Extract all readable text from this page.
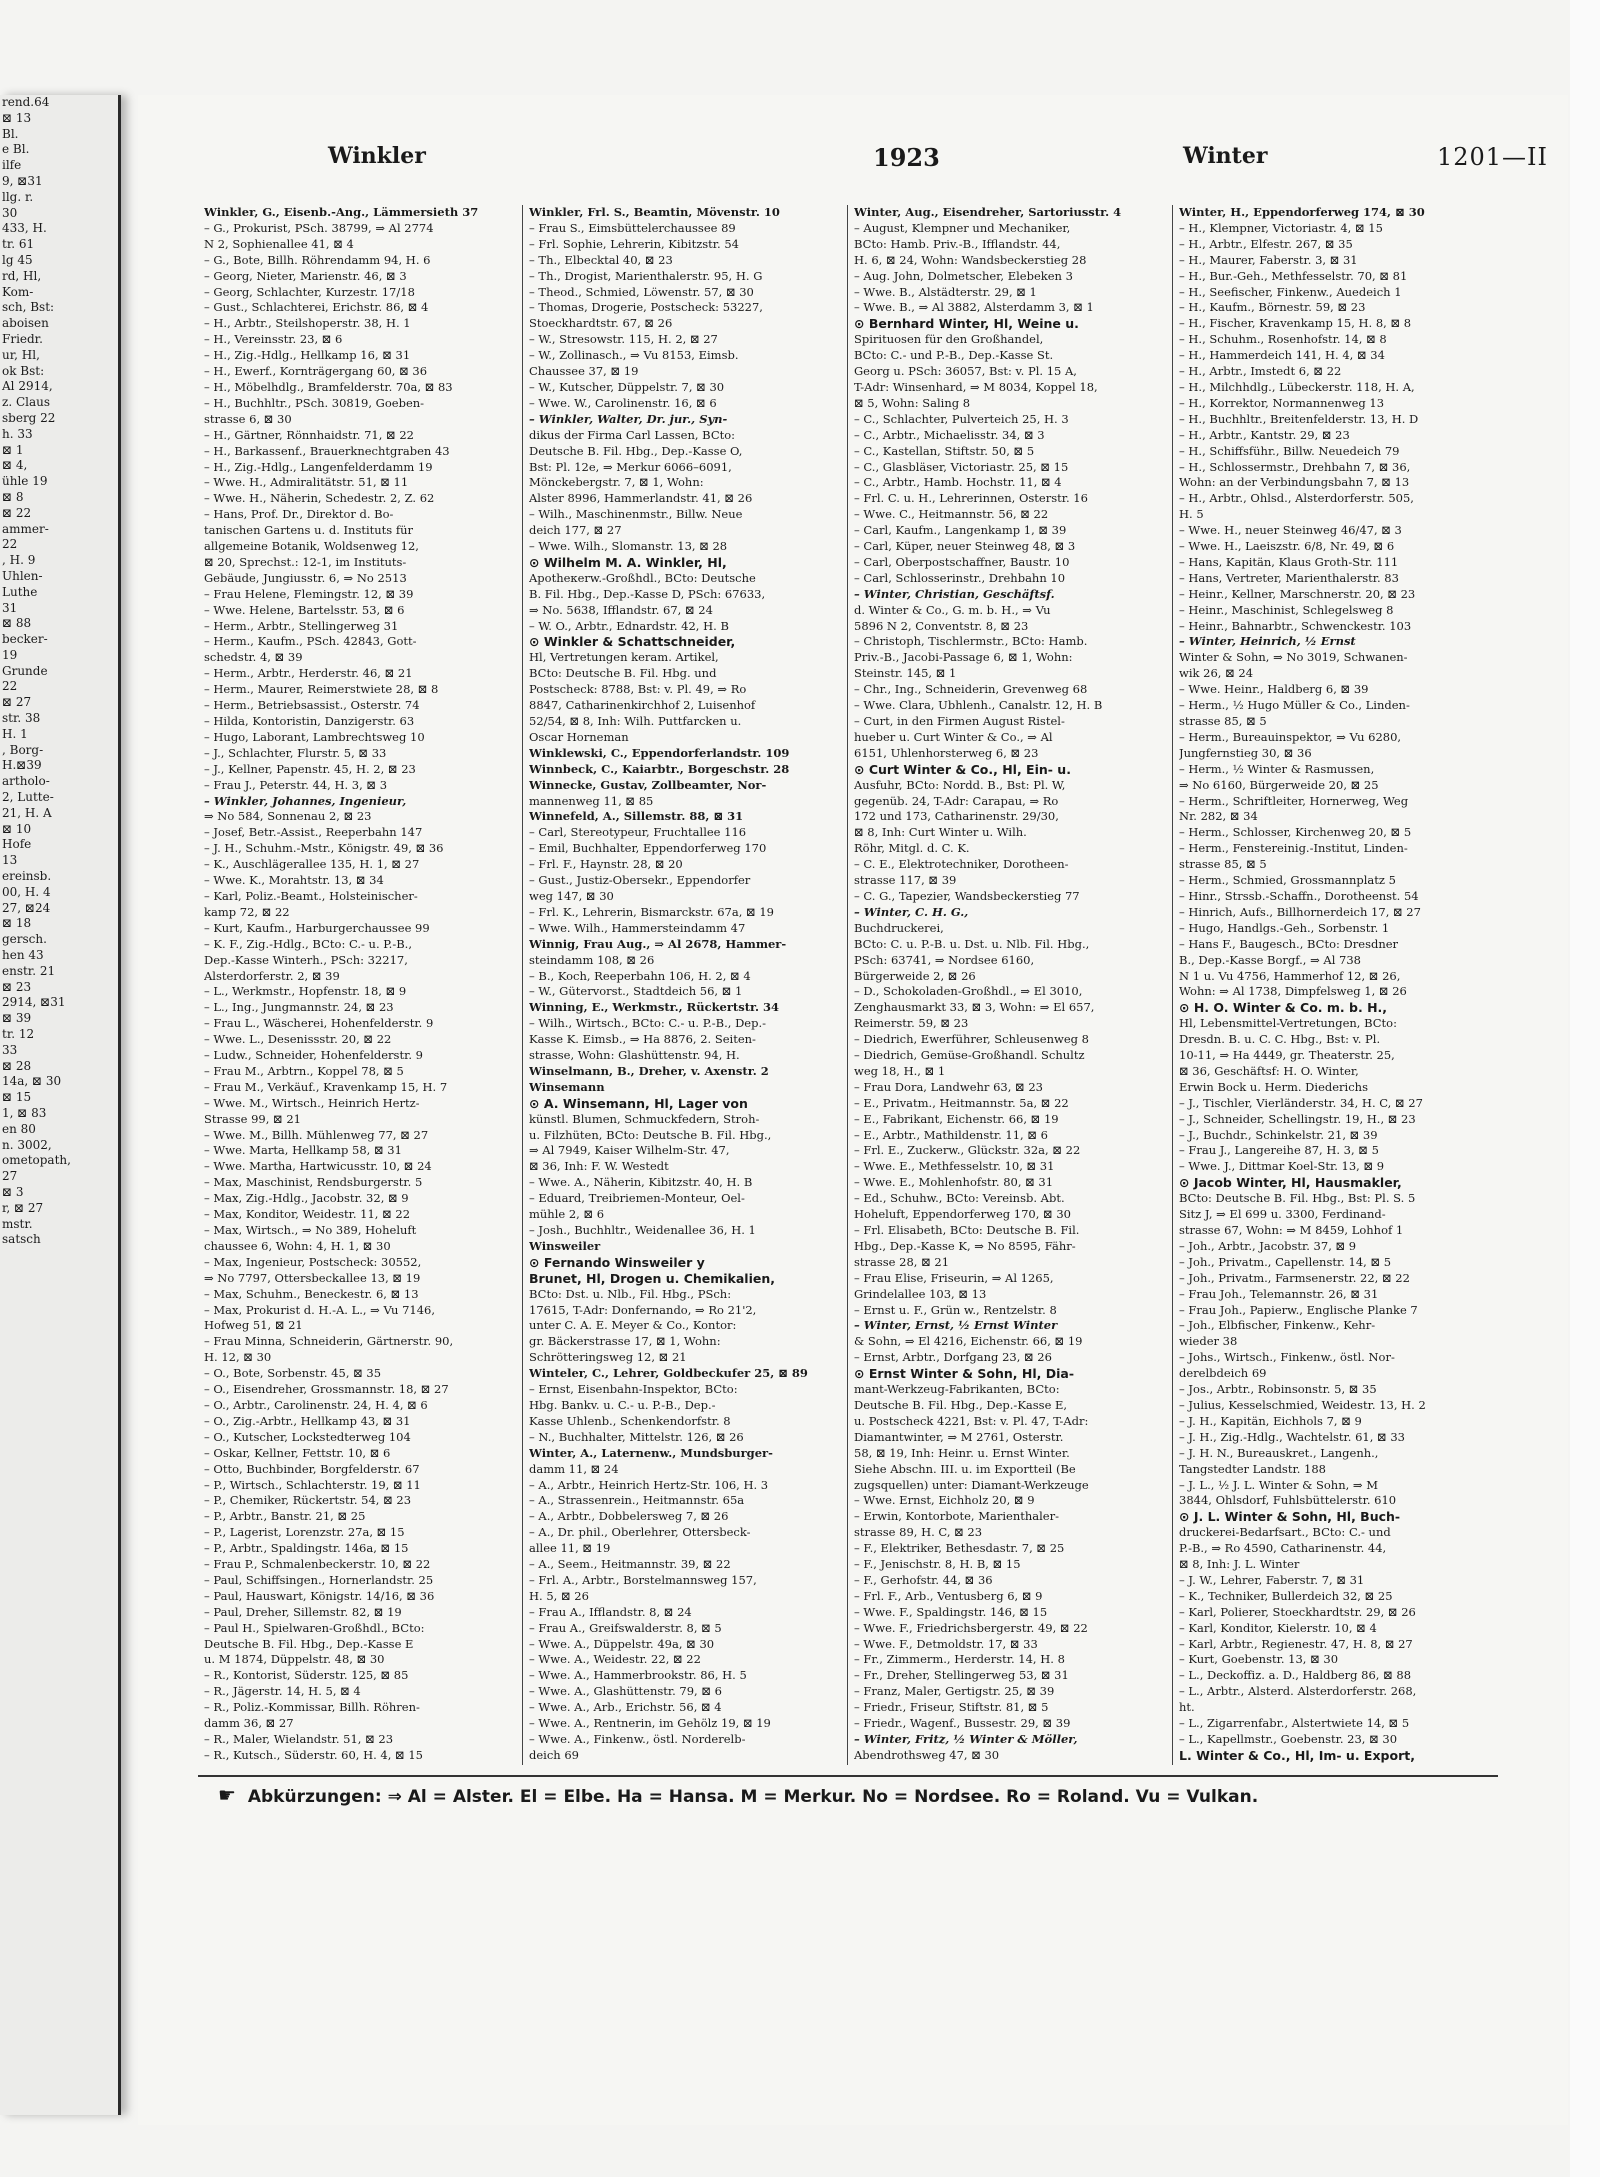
rend.64
⊠ 13
Bl.
e Bl.
ilfe
9, ⊠31
llg. r.
30
433, H.
tr. 61
lg 45
rd, Hl,
Kom-
sch, Bst:
aboisen
Friedr.
ur, Hl,
ok Bst:
Al 2914,
z. Claus
sberg 22
h. 33
⊠ 1
⊠ 4,
ühle 19
⊠ 8
⊠ 22
ammer-
22
, H. 9
Uhlen-
Luthe
31
⊠ 88
becker-
19
Grunde
22
⊠ 27
str. 38
H. 1
, Borg-
H.⊠39
artholo-
2, Lutte-
21, H. A
⊠ 10
Hofe
13
ereinsb.
00, H. 4
27, ⊠24
⊠ 18
gersch.
hen 43
enstr. 21
⊠ 23
2914, ⊠31
⊠ 39
tr. 12
33
⊠ 28
14a, ⊠ 30
⊠ 15
1, ⊠ 83
en 80
n. 3002,
ometopath,
27
⊠ 3
r, ⊠ 27
mstr.
satsch
Winkler	1923	Winter	1201—II
Winkler, G., Eisenb.-Ang., Lämmersieth 37
– G., Prokurist, PSch. 38799, ⇒ Al 2774
N 2, Sophienallee 41, ⊠ 4
– G., Bote, Billh. Röhrendamm 94, H. 6
– Georg, Nieter, Marienstr. 46, ⊠ 3
– Georg, Schlachter, Kurzestr. 17/18
– Gust., Schlachterei, Erichstr. 86, ⊠ 4
– H., Arbtr., Steilshoperstr. 38, H. 1
– H., Vereinsstr. 23, ⊠ 6
– H., Zig.-Hdlg., Hellkamp 16, ⊠ 31
– H., Ewerf., Kornträgergang 60, ⊠ 36
– H., Möbelhdlg., Bramfelderstr. 70a, ⊠ 83
– H., Buchhltr., PSch. 30819, Goeben-
strasse 6, ⊠ 30
– H., Gärtner, Rönnhaidstr. 71, ⊠ 22
– H., Barkassenf., Brauerknechtgraben 43
– H., Zig.-Hdlg., Langenfelderdamm 19
– Wwe. H., Admiralitätstr. 51, ⊠ 11
– Wwe. H., Näherin, Schedestr. 2, Z. 62
– Hans, Prof. Dr., Direktor d. Bo-
tanischen Gartens u. d. Instituts für
allgemeine Botanik, Woldsenweg 12,
⊠ 20, Sprechst.: 12-1, im Instituts-
Gebäude, Jungiusstr. 6, ⇒ No 2513
– Frau Helene, Flemingstr. 12, ⊠ 39
– Wwe. Helene, Bartelsstr. 53, ⊠ 6
– Herm., Arbtr., Stellingerweg 31
– Herm., Kaufm., PSch. 42843, Gott-
schedstr. 4, ⊠ 39
– Herm., Arbtr., Herderstr. 46, ⊠ 21
– Herm., Maurer, Reimerstwiete 28, ⊠ 8
– Herm., Betriebsassist., Osterstr. 74
– Hilda, Kontoristin, Danzigerstr. 63
– Hugo, Laborant, Lambrechtsweg 10
– J., Schlachter, Flurstr. 5, ⊠ 33
– J., Kellner, Papenstr. 45, H. 2, ⊠ 23
– Frau J., Peterstr. 44, H. 3, ⊠ 3
– Winkler, Johannes, Ingenieur,
⇒ No 584, Sonnenau 2, ⊠ 23
– Josef, Betr.-Assist., Reeperbahn 147
– J. H., Schuhm.-Mstr., Königstr. 49, ⊠ 36
– K., Auschlägeralleе 135, H. 1, ⊠ 27
– Wwe. K., Morahtstr. 13, ⊠ 34
– Karl, Poliz.-Beamt., Holsteinischer-
kamp 72, ⊠ 22
– Kurt, Kaufm., Harburgerchaussee 99
– K. F., Zig.-Hdlg., BCto: C.- u. P.-B.,
Dep.-Kasse Winterh., PSch: 32217,
Alsterdorferstr. 2, ⊠ 39
– L., Werkmstr., Hopfenstr. 18, ⊠ 9
– L., Ing., Jungmannstr. 24, ⊠ 23
– Frau L., Wäscherei, Hohenfelderstr. 9
– Wwe. L., Desenissstr. 20, ⊠ 22
– Ludw., Schneider, Hohenfelderstr. 9
– Frau M., Arbtrn., Koppel 78, ⊠ 5
– Frau M., Verkäuf., Kravenkamp 15, H. 7
– Wwe. M., Wirtsch., Heinrich Hertz-
Strasse 99, ⊠ 21
– Wwe. M., Billh. Mühlenweg 77, ⊠ 27
– Wwe. Marta, Hellkamp 58, ⊠ 31
– Wwe. Martha, Hartwicusstr. 10, ⊠ 24
– Max, Maschinist, Rendsburgerstr. 5
– Max, Zig.-Hdlg., Jacobstr. 32, ⊠ 9
– Max, Konditor, Weidestr. 11, ⊠ 22
– Max, Wirtsch., ⇒ No 389, Hoheluft
chaussee 6, Wohn: 4, H. 1, ⊠ 30
– Max, Ingenieur, Postscheck: 30552,
⇒ No 7797, Ottersbeckallee 13, ⊠ 19
– Max, Schuhm., Beneckestr. 6, ⊠ 13
– Max, Prokurist d. H.-A. L., ⇒ Vu 7146,
Hofweg 51, ⊠ 21
– Frau Minna, Schneiderin, Gärtnerstr. 90,
H. 12, ⊠ 30
– O., Bote, Sorbenstr. 45, ⊠ 35
– O., Eisendreher, Grossmannstr. 18, ⊠ 27
– O., Arbtr., Carolinenstr. 24, H. 4, ⊠ 6
– O., Zig.-Arbtr., Hellkamp 43, ⊠ 31
– O., Kutscher, Lockstedterweg 104
– Oskar, Kellner, Fettstr. 10, ⊠ 6
– Otto, Buchbinder, Borgfelderstr. 67
– P., Wirtsch., Schlachterstr. 19, ⊠ 11
– P., Chemiker, Rückertstr. 54, ⊠ 23
– P., Arbtr., Banstr. 21, ⊠ 25
– P., Lagerist, Lorenzstr. 27a, ⊠ 15
– P., Arbtr., Spaldingstr. 146a, ⊠ 15
– Frau P., Schmalenbeckerstr. 10, ⊠ 22
– Paul, Schiffsingen., Hornerlandstr. 25
– Paul, Hauswart, Königstr. 14/16, ⊠ 36
– Paul, Dreher, Sillemstr. 82, ⊠ 19
– Paul H., Spielwaren-Großhdl., BCto:
Deutsche B. Fil. Hbg., Dep.-Kasse E
u. M 1874, Düppelstr. 48, ⊠ 30
– R., Kontorist, Süderstr. 125, ⊠ 85
– R., Jägerstr. 14, H. 5, ⊠ 4
– R., Poliz.-Kommissar, Billh. Röhren-
damm 36, ⊠ 27
– R., Maler, Wielandstr. 51, ⊠ 23
– R., Kutsch., Süderstr. 60, H. 4, ⊠ 15
Winkler, Frl. S., Beamtin, Mövenstr. 10
– Frau S., Eimsbüttelerchaussee 89
– Frl. Sophie, Lehrerin, Kibitzstr. 54
– Th., Elbecktal 40, ⊠ 23
– Th., Drogist, Marienthalerstr. 95, H. G
– Theod., Schmied, Löwenstr. 57, ⊠ 30
– Thomas, Drogerie, Postscheck: 53227,
Stoeckhardtstr. 67, ⊠ 26
– W., Stresowstr. 115, H. 2, ⊠ 27
– W., Zollinasch., ⇒ Vu 8153, Eimsb.
Chaussee 37, ⊠ 19
– W., Kutscher, Düppelstr. 7, ⊠ 30
– Wwe. W., Carolinenstr. 16, ⊠ 6
– Winkler, Walter, Dr. jur., Syn-
dikus der Firma Carl Lassen, BCto:
Deutsche B. Fil. Hbg., Dep.-Kasse O,
Bst: Pl. 12e, ⇒ Merkur 6066–6091,
Mönckebergstr. 7, ⊠ 1, Wohn:
Alster 8996, Hammerlandstr. 41, ⊠ 26
– Wilh., Maschinenmstr., Billw. Neue
deich 177, ⊠ 27
– Wwe. Wilh., Slomanstr. 13, ⊠ 28
⊙ Wilhelm M. A. Winkler, Hl,
Apotheкerw.-Großhdl., BCto: Deutsche
B. Fil. Hbg., Dep.-Kasse D, PSch: 67633,
⇒ No. 5638, Ifflandstr. 67, ⊠ 24
– W. O., Arbtr., Ednardstr. 42, H. B
⊙ Winkler & Schattschneider,
Hl, Vertretungen keram. Artikel,
BCto: Deutsche B. Fil. Hbg. und
Postscheck: 8788, Bst: v. Pl. 49, ⇒ Ro
8847, Catharinenkirchhof 2, Luisenhof
52/54, ⊠ 8, Inh: Wilh. Puttfarcken u.
Oscar Horneman
Winklewski, C., Eppendorferlandstr. 109
Winnbeck, C., Kaiarbtr., Borgeschstr. 28
Winnecke, Gustav, Zollbeamter, Nor-
mannenweg 11, ⊠ 85
Winnefeld, A., Sillemstr. 88, ⊠ 31
– Carl, Stereotypeur, Fruchtallee 116
– Emil, Buchhalter, Eppendorferweg 170
– Frl. F., Haynstr. 28, ⊠ 20
– Gust., Justiz-Obersekr., Eppendorfer
weg 147, ⊠ 30
– Frl. K., Lehrerin, Bismarckstr. 67a, ⊠ 19
– Wwe. Wilh., Hammersteindamm 47
Winnig, Frau Aug., ⇒ Al 2678, Hammer-
steindamm 108, ⊠ 26
– B., Koch, Reeperbahn 106, H. 2, ⊠ 4
– W., Gütervorst., Stadtdeich 56, ⊠ 1
Winning, E., Werkmstr., Rückertstr. 34
– Wilh., Wirtsch., BCto: C.- u. P.-B., Dep.-
Kasse K. Eimsb., ⇒ Ha 8876, 2. Seiten-
strasse, Wohn: Glashüttenstr. 94, H.
Winselmann, B., Dreher, v. Axenstr. 2
Winsemann
⊙ A. Winsemann, Hl, Lager von
künstl. Blumen, Schmuckfedern, Stroh-
u. Filzhüten, BCto: Deutsche B. Fil. Hbg.,
⇒ Al 7949, Kaiser Wilhelm-Str. 47,
⊠ 36, Inh: F. W. Westedt
– Wwe. A., Näherin, Kibitzstr. 40, H. B
– Eduard, Treibriemen-Monteur, Oel-
mühle 2, ⊠ 6
– Josh., Buchhltr., Weidenallee 36, H. 1
Winsweiler
⊙ Fernando Winsweiler y
Brunet, Hl, Drogen u. Chemikalien,
BCto: Dst. u. Nlb., Fil. Hbg., PSch:
17615, T-Adr: Donfernando, ⇒ Ro 21'2,
unter C. A. E. Meyer & Co., Kontor:
gr. Bäckerstrasse 17, ⊠ 1, Wohn:
Schrötteringsweg 12, ⊠ 21
Winteler, C., Lehrer, Goldbeckufer 25, ⊠ 89
– Ernst, Eisenbahn-Inspektor, BCto:
Hbg. Bankv. u. C.- u. P.-B., Dep.-
Kasse Uhlenb., Schenkendorfstr. 8
– N., Buchhalter, Mittelstr. 126, ⊠ 26
Winter, A., Laternenw., Mundsburger-
damm 11, ⊠ 24
– A., Arbtr., Heinrich Hertz-Str. 106, H. 3
– A., Strassenrein., Heitmannstr. 65a
– A., Arbtr., Dobbelersweg 7, ⊠ 26
– A., Dr. phil., Oberlehrer, Ottersbeck-
allee 11, ⊠ 19
– A., Seem., Heitmannstr. 39, ⊠ 22
– Frl. A., Arbtr., Borstelmannsweg 157,
H. 5, ⊠ 26
– Frau A., Ifflandstr. 8, ⊠ 24
– Frau A., Greifswalderstr. 8, ⊠ 5
– Wwe. A., Düppelstr. 49a, ⊠ 30
– Wwe. A., Weidestr. 22, ⊠ 22
– Wwe. A., Hammerbrookstr. 86, H. 5
– Wwe. A., Glashüttenstr. 79, ⊠ 6
– Wwe. A., Arb., Erichstr. 56, ⊠ 4
– Wwe. A., Rentnerin, im Gehölz 19, ⊠ 19
– Wwe. A., Finkenw., östl. Norderelb-
deich 69
Winter, Aug., Eisendreher, Sartoriusstr. 4
– August, Klempner und Mechaniker,
BCto: Hamb. Priv.-B., Ifflandstr. 44,
H. 6, ⊠ 24, Wohn: Wandsbeckerstieg 28
– Aug. John, Dolmetscher, Elebeken 3
– Wwe. B., Alstädterstr. 29, ⊠ 1
– Wwe. B., ⇒ Al 3882, Alsterdamm 3, ⊠ 1
⊙ Bernhard Winter, Hl, Weine u.
Spirituosen für den Großhandel,
BCto: C.- und P.-B., Dep.-Kasse St.
Georg u. PSch: 36057, Bst: v. Pl. 15 A,
T-Adr: Winsenhard, ⇒ M 8034, Koppel 18,
⊠ 5, Wohn: Saling 8
– C., Schlachter, Pulverteich 25, H. 3
– C., Arbtr., Michaelisstr. 34, ⊠ 3
– C., Kastellan, Stiftstr. 50, ⊠ 5
– C., Glasbläser, Victoriastr. 25, ⊠ 15
– C., Arbtr., Hamb. Hochstr. 11, ⊠ 4
– Frl. C. u. H., Lehrerinnen, Osterstr. 16
– Wwe. C., Heitmannstr. 56, ⊠ 22
– Carl, Kaufm., Langenkamp 1, ⊠ 39
– Carl, Küper, neuer Steinweg 48, ⊠ 3
– Carl, Oberpostschaffner, Baustr. 10
– Carl, Schlosserinstr., Drehbahn 10
– Winter, Christian, Geschäftsf.
d. Winter & Co., G. m. b. H., ⇒ Vu
5896 N 2, Conventstr. 8, ⊠ 23
– Christoph, Tischlermstr., BCto: Hamb.
Priv.-B., Jacobi-Passage 6, ⊠ 1, Wohn:
Steinstr. 145, ⊠ 1
– Chr., Ing., Schneiderin, Grevenweg 68
– Wwe. Clara, Ubhlenh., Canalstr. 12, H. B
– Curt, in den Firmen August Ristel-
hueber u. Curt Winter & Co., ⇒ Al
6151, Uhlenhorsterweg 6, ⊠ 23
⊙ Curt Winter & Co., Hl, Ein- u.
Ausfuhr, BCto: Nordd. B., Bst: Pl. W,
gegenüb. 24, T-Adr: Carapau, ⇒ Ro
172 und 173, Catharinenstr. 29/30,
⊠ 8, Inh: Curt Winter u. Wilh.
Röhr, Mitgl. d. C. K.
– C. E., Elektrotechniker, Dorotheen-
strasse 117, ⊠ 39
– C. G., Tapezier, Wandsbeckerstieg 77
– Winter, C. H. G.,
Buchdruckerei,
BCto: C. u. P.-B. u. Dst. u. Nlb. Fil. Hbg.,
PSch: 63741, ⇒ Nordsee 6160,
Bürgerweide 2, ⊠ 26
– D., Schokoladen-Großhdl., ⇒ El 3010,
Zenghausmarkt 33, ⊠ 3, Wohn: ⇒ El 657,
Reimerstr. 59, ⊠ 23
– Diedrich, Ewerführer, Schleusenweg 8
– Diedrich, Gemüse-Großhandl. Schultz
weg 18, H., ⊠ 1
– Frau Dora, Landwehr 63, ⊠ 23
– E., Privatm., Heitmannstr. 5a, ⊠ 22
– E., Fabrikant, Eichenstr. 66, ⊠ 19
– E., Arbtr., Mathildenstr. 11, ⊠ 6
– Frl. E., Zuckerw., Glückstr. 32a, ⊠ 22
– Wwe. E., Methfesselstr. 10, ⊠ 31
– Wwe. E., Mohlenhofstr. 80, ⊠ 31
– Ed., Schuhw., BCto: Vereinsb. Abt.
Hoheluft, Eppendorferweg 170, ⊠ 30
– Frl. Elisabeth, BCto: Deutsche B. Fil.
Hbg., Dep.-Kasse K, ⇒ No 8595, Fähr-
strasse 28, ⊠ 21
– Frau Elise, Friseurin, ⇒ Al 1265,
Grindelallee 103, ⊠ 13
– Ernst u. F., Grün w., Rentzelstr. 8
– Winter, Ernst, ½ Ernst Winter
& Sohn, ⇒ El 4216, Eichenstr. 66, ⊠ 19
– Ernst, Arbtr., Dorfgang 23, ⊠ 26
⊙ Ernst Winter & Sohn, Hl, Dia-
mant-Werkzeug-Fabrikanten, BCto:
Deutsche B. Fil. Hbg., Dep.-Kasse E,
u. Postscheck 4221, Bst: v. Pl. 47, T-Adr:
Diamantwinter, ⇒ M 2761, Osterstr.
58, ⊠ 19, Inh: Heinr. u. Ernst Winter.
Siehe Abschn. III. u. im Exportteil (Be
zugsquellen) unter: Diamant-Werkzeuge
– Wwe. Ernst, Eichholz 20, ⊠ 9
– Erwin, Kontorbote, Marienthaler-
strasse 89, H. C, ⊠ 23
– F., Elektriker, Bethesdastr. 7, ⊠ 25
– F., Jenischstr. 8, H. B, ⊠ 15
– F., Gerhofstr. 44, ⊠ 36
– Frl. F., Arb., Ventusberg 6, ⊠ 9
– Wwe. F., Spaldingstr. 146, ⊠ 15
– Wwe. F., Friedrichsbergerstr. 49, ⊠ 22
– Wwe. F., Detmoldstr. 17, ⊠ 33
– Fr., Zimmerm., Herderstr. 14, H. 8
– Fr., Dreher, Stellingerweg 53, ⊠ 31
– Franz, Maler, Gertigstr. 25, ⊠ 39
– Friedr., Friseur, Stiftstr. 81, ⊠ 5
– Friedr., Wagenf., Bussestr. 29, ⊠ 39
– Winter, Fritz, ½ Winter & Möller,
Abendrothsweg 47, ⊠ 30
Winter, H., Eppendorferweg 174, ⊠ 30
– H., Klempner, Victoriastr. 4, ⊠ 15
– H., Arbtr., Elfestr. 267, ⊠ 35
– H., Maurer, Faberstr. 3, ⊠ 31
– H., Bur.-Geh., Methfesselstr. 70, ⊠ 81
– H., Seefischer, Finkenw., Auedeich 1
– H., Kaufm., Börnestr. 59, ⊠ 23
– H., Fischer, Kravenkamp 15, H. 8, ⊠ 8
– H., Schuhm., Rosenhofstr. 14, ⊠ 8
– H., Hammerdeich 141, H. 4, ⊠ 34
– H., Arbtr., Imstedt 6, ⊠ 22
– H., Milchhdlg., Lübeckerstr. 118, H. A,
– H., Korrektor, Normannenweg 13
– H., Buchhltr., Breitenfelderstr. 13, H. D
– H., Arbtr., Kantstr. 29, ⊠ 23
– H., Schiffsführ., Billw. Neuedeich 79
– H., Schlossermstr., Drehbahn 7, ⊠ 36,
Wohn: an der Verbindungsbahn 7, ⊠ 13
– H., Arbtr., Ohlsd., Alsterdorferstr. 505,
H. 5
– Wwe. H., neuer Steinweg 46/47, ⊠ 3
– Wwe. H., Laeiszstr. 6/8, Nr. 49, ⊠ 6
– Hans, Kapitän, Klaus Groth-Str. 111
– Hans, Vertreter, Marienthalerstr. 83
– Heinr., Kellner, Marschnerstr. 20, ⊠ 23
– Heinr., Maschinist, Schlegelsweg 8
– Heinr., Bahnarbtr., Schwenckestr. 103
– Winter, Heinrich, ½ Ernst
Winter & Sohn, ⇒ No 3019, Schwanen-
wik 26, ⊠ 24
– Wwe. Heinr., Haldberg 6, ⊠ 39
– Herm., ½ Hugo Müller & Co., Linden-
strasse 85, ⊠ 5
– Herm., Bureauinspektor, ⇒ Vu 6280,
Jungfernstieg 30, ⊠ 36
– Herm., ½ Winter & Rasmussen,
⇒ No 6160, Bürgerweide 20, ⊠ 25
– Herm., Schriftleiter, Hornerweg, Weg
Nr. 282, ⊠ 34
– Herm., Schlosser, Kirchenweg 20, ⊠ 5
– Herm., Fenstereinig.-Institut, Linden-
strasse 85, ⊠ 5
– Herm., Schmied, Grossmannplatz 5
– Hinr., Strssb.-Schaffn., Dorotheenst. 54
– Hinrich, Aufs., Billhornerdeich 17, ⊠ 27
– Hugo, Handlgs.-Geh., Sorbenstr. 1
– Hans F., Baugesch., BCto: Dresdner
B., Dep.-Kasse Borgf., ⇒ Al 738
N 1 u. Vu 4756, Hammerhof 12, ⊠ 26,
Wohn: ⇒ Al 1738, Dimpfelsweg 1, ⊠ 26
⊙ H. O. Winter & Co. m. b. H.,
Hl, Lebensmittel-Vertretungen, BCto:
Dresdn. B. u. C. C. Hbg., Bst: v. Pl.
10-11, ⇒ Ha 4449, gr. Theaterstr. 25,
⊠ 36, Geschäftsf: H. O. Winter,
Erwin Bock u. Herm. Diederichs
– J., Tischler, Vierländerstr. 34, H. C, ⊠ 27
– J., Schneider, Schellingstr. 19, H., ⊠ 23
– J., Buchdr., Schinkelstr. 21, ⊠ 39
– Frau J., Langereihe 87, H. 3, ⊠ 5
– Wwe. J., Dittmar Koel-Str. 13, ⊠ 9
⊙ Jacob Winter, Hl, Hausmakler,
BCto: Deutsche B. Fil. Hbg., Bst: Pl. S. 5
Sitz J, ⇒ El 699 u. 3300, Ferdinand-
strasse 67, Wohn: ⇒ M 8459, Lohhof 1
– Joh., Arbtr., Jacobstr. 37, ⊠ 9
– Joh., Privatm., Capellenstr. 14, ⊠ 5
– Joh., Privatm., Farmsenerstr. 22, ⊠ 22
– Frau Joh., Telemannstr. 26, ⊠ 31
– Frau Joh., Papierw., Englische Planke 7
– Joh., Elbfischer, Finkenw., Kehr-
wieder 38
– Johs., Wirtsch., Finkenw., östl. Nor-
derelbdeich 69
– Jos., Arbtr., Robinsonstr. 5, ⊠ 35
– Julius, Kesselschmied, Weidestr. 13, H. 2
– J. H., Kapitän, Eichhols 7, ⊠ 9
– J. H., Zig.-Hdlg., Wachtelstr. 61, ⊠ 33
– J. H. N., Bureauskret., Langenh.,
Tangstedter Landstr. 188
– J. L., ½ J. L. Winter & Sohn, ⇒ M
3844, Ohlsdorf, Fuhlsbüttelerstr. 610
⊙ J. L. Winter & Sohn, Hl, Buch-
druckerei-Bedarfsart., BCto: C.- und
P.-B., ⇒ Ro 4590, Catharinenstr. 44,
⊠ 8, Inh: J. L. Winter
– J. W., Lehrer, Faberstr. 7, ⊠ 31
– K., Techniker, Bullerdeich 32, ⊠ 25
– Karl, Polierer, Stoeckhardtstr. 29, ⊠ 26
– Karl, Konditor, Kielerstr. 10, ⊠ 4
– Karl, Arbtr., Regienestr. 47, H. 8, ⊠ 27
– Kurt, Goebenstr. 13, ⊠ 30
– L., Deckoffiz. a. D., Haldberg 86, ⊠ 88
– L., Arbtr., Alsterd. Alsterdorferstr. 268,
ht.
– L., Zigarrenfabr., Alstertwiete 14, ⊠ 5
– L., Kapellmstr., Goebenstr. 23, ⊠ 30
L. Winter & Co., Hl, Im- u. Export,
☛ Abkürzungen: ⇒ Al = Alster. El = Elbe. Ha = Hansa. M = Merkur. No = Nordsee. Ro = Roland. Vu = Vulkan.
